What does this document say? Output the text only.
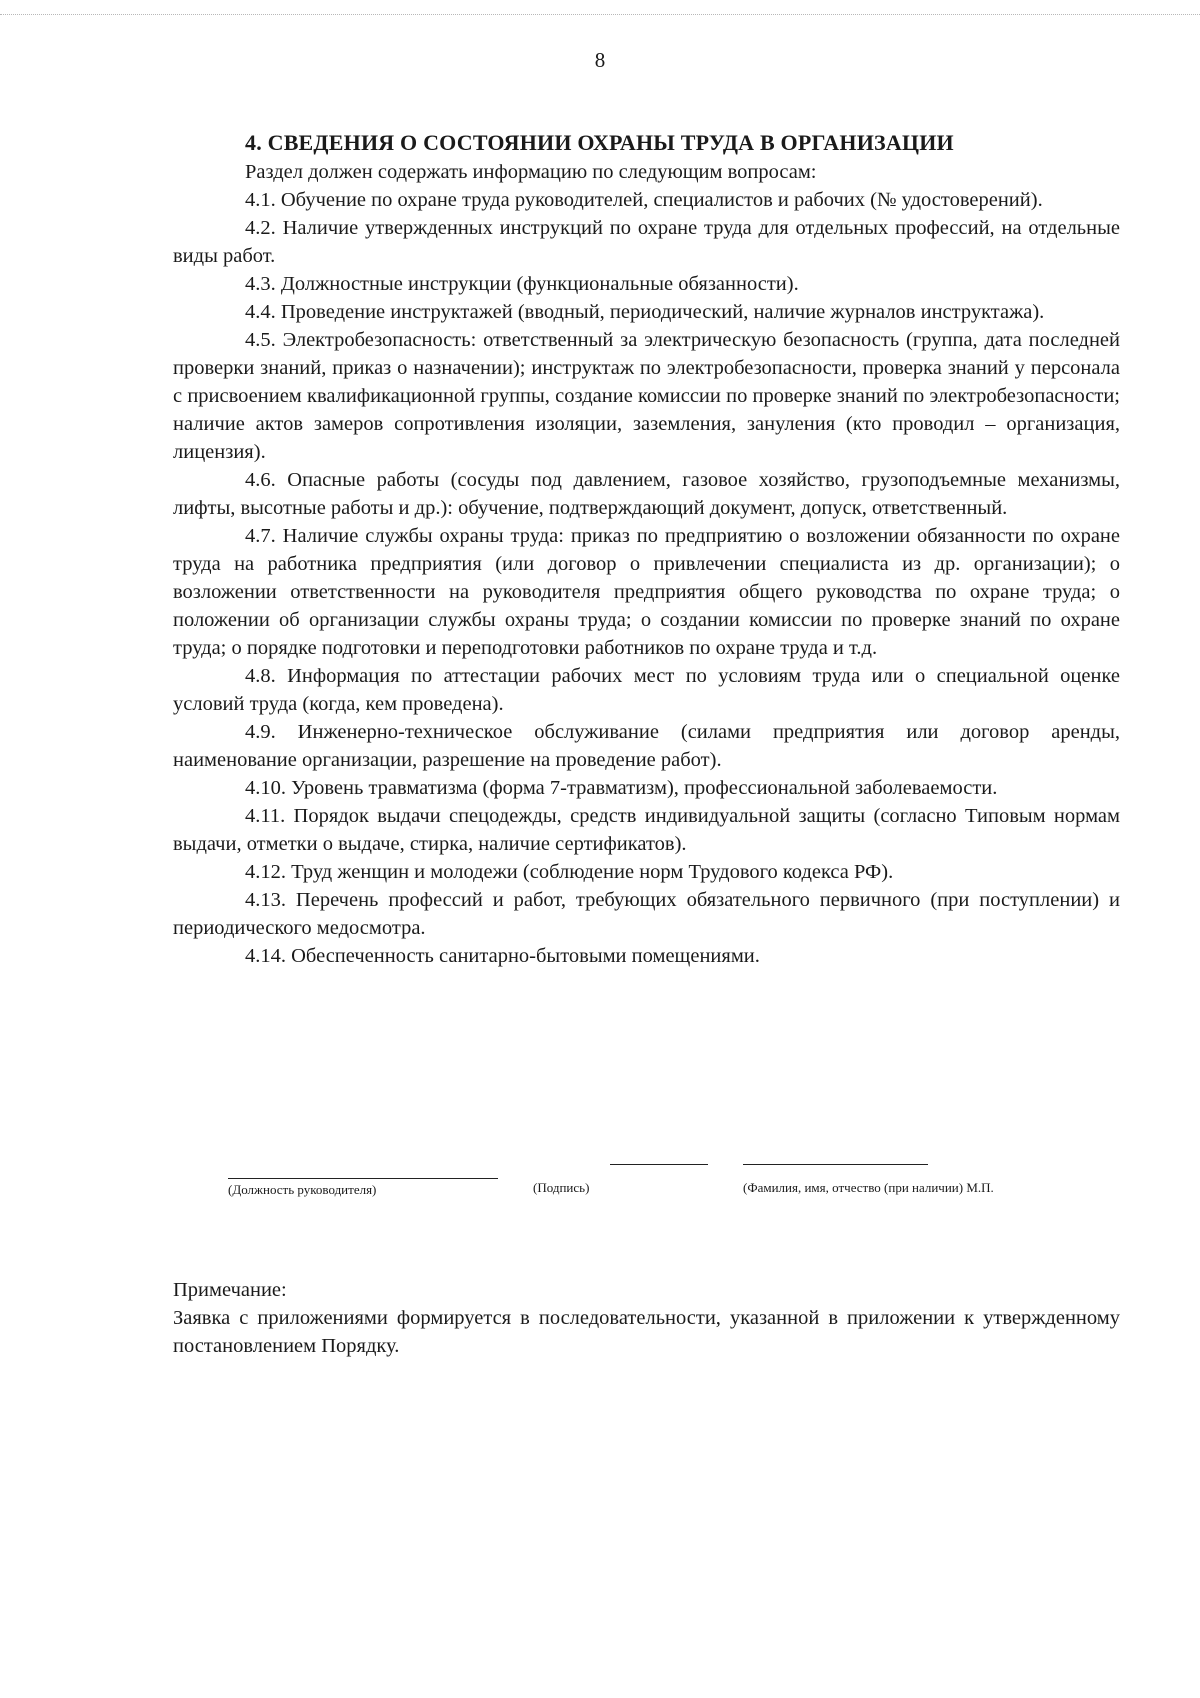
8

4. СВЕДЕНИЯ О СОСТОЯНИИ ОХРАНЫ ТРУДА В ОРГАНИЗАЦИИ

Раздел должен содержать информацию по следующим вопросам:

4.1. Обучение по охране труда руководителей, специалистов и рабочих (№ удостоверений).

4.2. Наличие утвержденных инструкций по охране труда для отдельных профессий, на отдельные виды работ.

4.3. Должностные инструкции (функциональные обязанности).

4.4. Проведение инструктажей (вводный, периодический, наличие журналов инструктажа).

4.5. Электробезопасность: ответственный за электрическую безопасность (группа, дата последней проверки знаний, приказ о назначении); инструктаж по электробезопасности, проверка знаний у персонала с присвоением квалификационной группы, создание комиссии по проверке знаний по электробезопасности; наличие актов замеров сопротивления изоляции, заземления, зануления (кто проводил – организация, лицензия).

4.6. Опасные работы (сосуды под давлением, газовое хозяйство, грузоподъемные механизмы, лифты, высотные работы и др.): обучение, подтверждающий документ, допуск, ответственный.

4.7. Наличие службы охраны труда: приказ по предприятию о возложении обязанности по охране труда на работника предприятия (или договор о привлечении специалиста из др. организации); о возложении ответственности на руководителя предприятия общего руководства по охране труда; о положении об организации службы охраны труда; о создании комиссии по проверке знаний по охране труда; о порядке подготовки и переподготовки работников по охране труда и т.д.

4.8. Информация по аттестации рабочих мест по условиям труда или о специальной оценке условий труда (когда, кем проведена).

4.9. Инженерно-техническое обслуживание (силами предприятия или договор аренды, наименование организации, разрешение на проведение работ).

4.10. Уровень травматизма (форма 7-травматизм), профессиональной заболеваемости.

4.11. Порядок выдачи спецодежды, средств индивидуальной защиты (согласно Типовым нормам выдачи, отметки о выдаче, стирка, наличие сертификатов).

4.12. Труд женщин и молодежи (соблюдение норм Трудового кодекса РФ).

4.13. Перечень профессий и работ, требующих обязательного первичного (при поступлении) и периодического медосмотра.

4.14. Обеспеченность санитарно-бытовыми помещениями.

(Должность руководителя)	(Подпись)	(Фамилия, имя, отчество (при наличии) М.П.

Примечание:

Заявка с приложениями формируется в последовательности, указанной в приложении к утвержденному постановлением Порядку.
